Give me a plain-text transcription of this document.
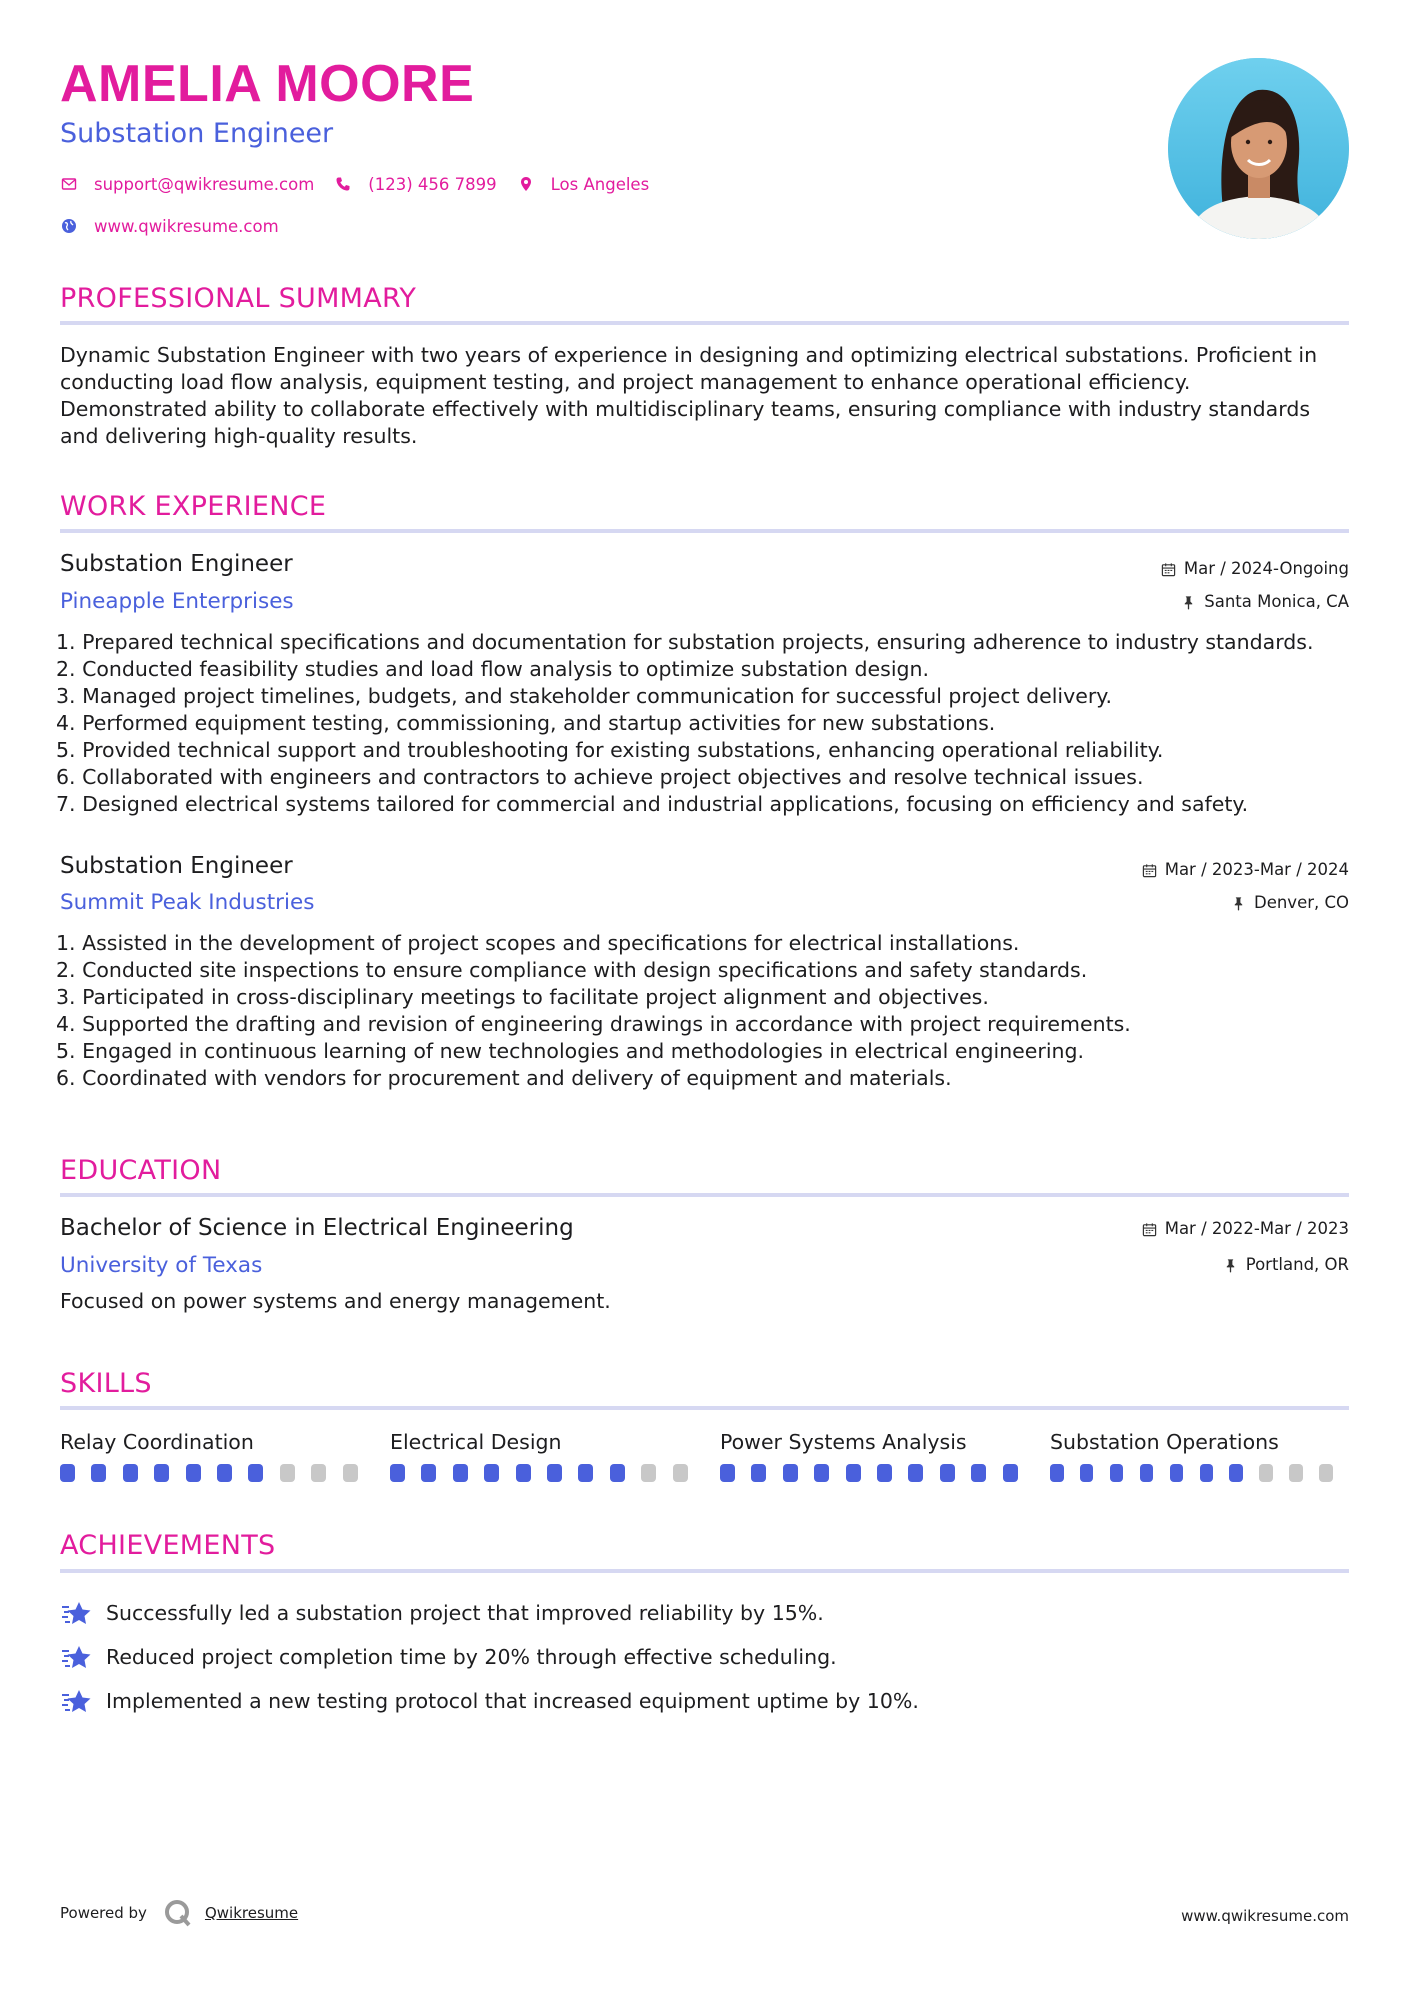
AMELIA MOORE
Substation Engineer
support@qwikresume.com	(123) 456 7899	Los Angeles
www.qwikresume.com
PROFESSIONAL SUMMARY
Dynamic Substation Engineer with two years of experience in designing and optimizing electrical substations. Proficient in
conducting load flow analysis, equipment testing, and project management to enhance operational efficiency.
Demonstrated ability to collaborate effectively with multidisciplinary teams, ensuring compliance with industry standards
and delivering high-quality results.
WORK EXPERIENCE
Substation Engineer
Pineapple Enterprises
Mar / 2024-Ongoing
Santa Monica, CA
1. Prepared technical specifications and documentation for substation projects, ensuring adherence to industry standards.
2. Conducted feasibility studies and load flow analysis to optimize substation design.
3. Managed project timelines, budgets, and stakeholder communication for successful project delivery.
4. Performed equipment testing, commissioning, and startup activities for new substations.
5. Provided technical support and troubleshooting for existing substations, enhancing operational reliability.
6. Collaborated with engineers and contractors to achieve project objectives and resolve technical issues.
7. Designed electrical systems tailored for commercial and industrial applications, focusing on efficiency and safety.
Substation Engineer
Summit Peak Industries
Mar / 2023-Mar / 2024
Denver, CO
1. Assisted in the development of project scopes and specifications for electrical installations.
2. Conducted site inspections to ensure compliance with design specifications and safety standards.
3. Participated in cross-disciplinary meetings to facilitate project alignment and objectives.
4. Supported the drafting and revision of engineering drawings in accordance with project requirements.
5. Engaged in continuous learning of new technologies and methodologies in electrical engineering.
6. Coordinated with vendors for procurement and delivery of equipment and materials.
EDUCATION
Bachelor of Science in Electrical Engineering
University of Texas
Mar / 2022-Mar / 2023
Portland, OR
Focused on power systems and energy management.
SKILLS
Relay Coordination	Electrical Design	Power Systems Analysis	Substation Operations
ACHIEVEMENTS
Successfully led a substation project that improved reliability by 15%.
Reduced project completion time by 20% through effective scheduling.
Implemented a new testing protocol that increased equipment uptime by 10%.
Powered by	Qwikresume	www.qwikresume.com
